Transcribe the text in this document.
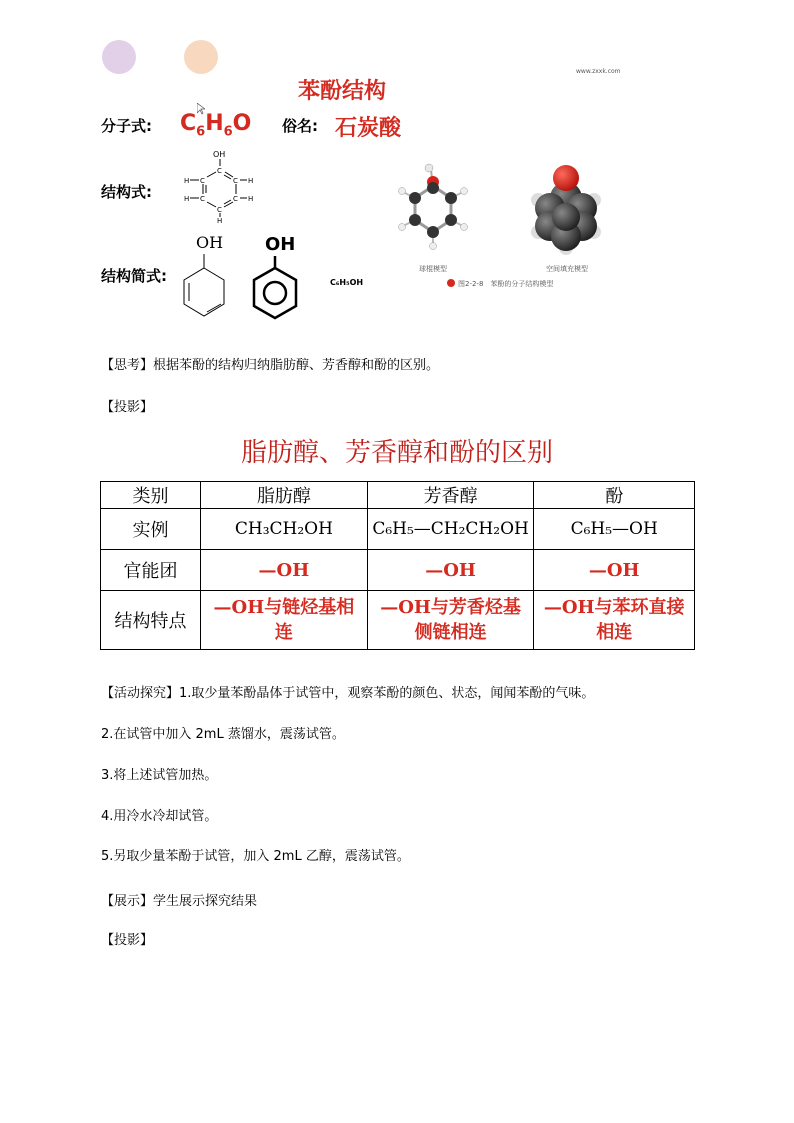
www.zxxk.com
苯酚结构
分子式: $C_6H_6O$ 俗名: 石炭酸
结构式:
OH
C
C	C
H	H
C	C
H	H
C
H
球棍模型	空间填充模型
图2-2-8　苯酚的分子结构模型
结构简式:
OH OH
C₆H₅OH
【思考】根据苯酚的结构归纳脂肪醇、芳香醇和酚的区别。
【投影】
脂肪醇、芳香醇和酚的区别
类别	脂肪醇	芳香醇	酚
实例	CH₃CH₂OH	C₆H₅—CH₂CH₂OH	C₆H₅—OH
官能团	—OH	—OH	—OH
结构特点	—OH与链烃基相连	—OH与芳香烃基侧链相连	—OH与苯环直接相连
【活动探究】1.取少量苯酚晶体于试管中，观察苯酚的颜色、状态，闻闻苯酚的气味。
2.在试管中加入 2mL 蒸馏水，震荡试管。
3.将上述试管加热。
4.用冷水冷却试管。
5.另取少量苯酚于试管，加入 2mL 乙醇，震荡试管。
【展示】学生展示探究结果
【投影】
